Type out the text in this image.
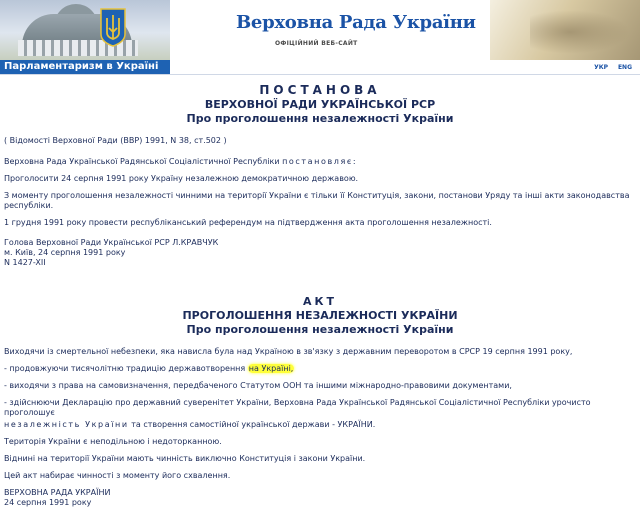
Верховна Рада України
ОФІЦІЙНИЙ ВЕБ-САЙТ
Парламентаризм в Україні	УКР ENG
ПОСТАНОВА
ВЕРХОВНОЇ РАДИ УКРАЇНСЬКОЇ РСР
Про проголошення незалежності України

( Відомості Верховної Ради (ВВР) 1991, N 38, ст.502 )

Верховна Рада Української Радянської Соціалістичної Республіки постановляє:

Проголосити 24 серпня 1991 року Україну незалежною демократичною державою.

З моменту проголошення незалежності чинними на території України є тільки її Конституція, закони, постанови Уряду та інші акти законодавства республіки.

1 грудня 1991 року провести республіканський референдум на підтвердження акта проголошення незалежності.

Голова Верховної Ради Української РСР Л.КРАВЧУК

м. Київ, 24 серпня 1991 року

N 1427-XII

АКТ
ПРОГОЛОШЕННЯ НЕЗАЛЕЖНОСТІ УКРАЇНИ
Про проголошення незалежності України

Виходячи із смертельної небезпеки, яка нависла була над Україною в зв'язку з державним переворотом в СРСР 19 серпня 1991 року,

- продовжуючи тисячолітню традицію державотворення на Україні,

- виходячи з права на самовизначення, передбаченого Статутом ООН та іншими міжнародно-правовими документами,

- здійснюючи Декларацію про державний суверенітет України, Верховна Рада Української Радянської Соціалістичної Республіки урочисто проголошує

незалежність України та створення самостійної української держави - УКРАЇНИ.

Територія України є неподільною і недоторканною.

Віднині на території України мають чинність виключно Конституція і закони України.

Цей акт набирає чинності з моменту його схвалення.

ВЕРХОВНА РАДА УКРАЇНИ

24 серпня 1991 року
